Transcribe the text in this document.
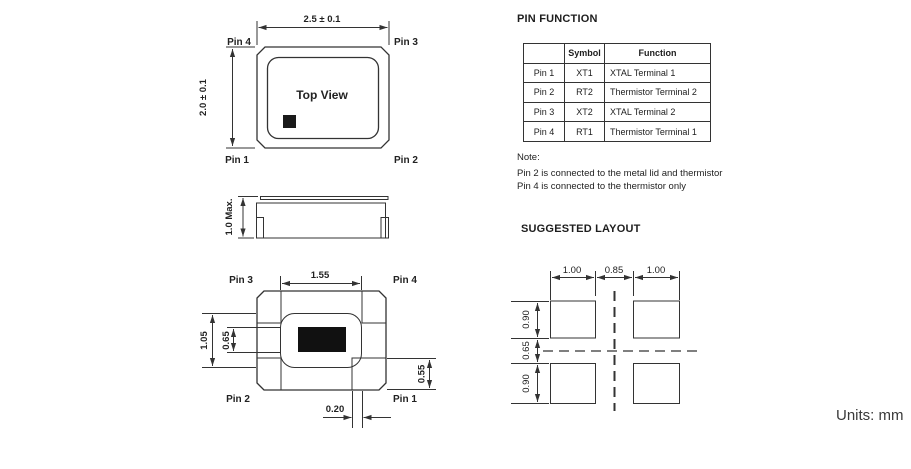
Top View
2.5 ± 0.1
2.0 ± 0.1
Pin 4	Pin 3
Pin 1	Pin 2
1.0 Max.
1.55
1.05 0.65
0.55
0.20
Pin 3	Pin 4
Pin 2	Pin 1
1.00 0.85 1.00
0.90
0.65
0.90
PIN FUNCTION
	Symbol	Function
Pin 1	XT1	XTAL Terminal 1
Pin 2	RT2	Thermistor Terminal 2
Pin 3	XT2	XTAL Terminal 2
Pin 4	RT1	Thermistor Terminal 1
Note:
Pin 2 is connected to the metal lid and thermistor
Pin 4 is connected to the thermistor only
SUGGESTED LAYOUT
Units: mm
